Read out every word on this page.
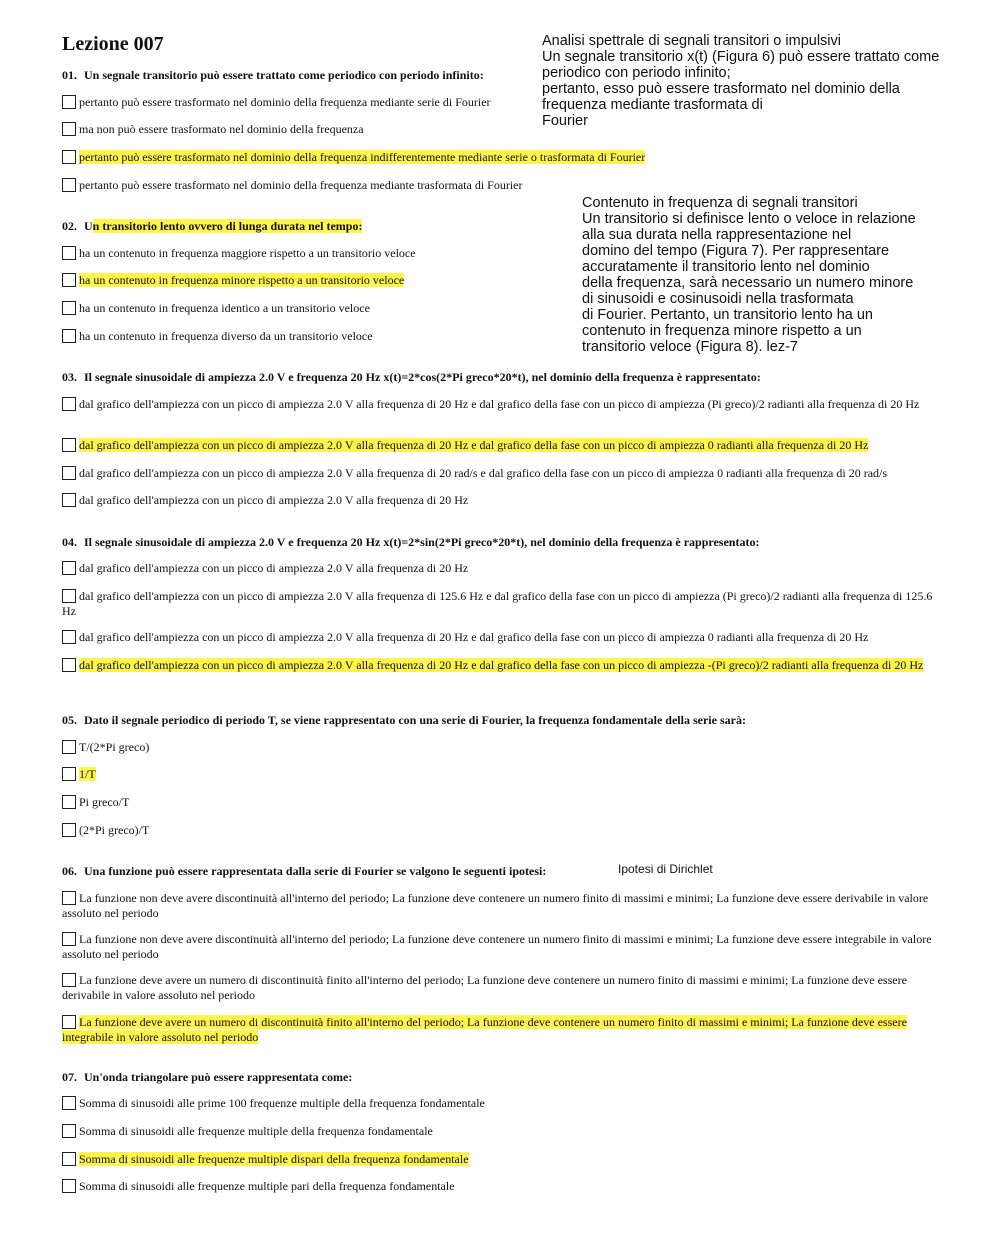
Lezione 007	Analisi spettrale di segnali transitori o impulsivi
Un segnale transitorio x(t) (Figura 6) può essere trattato come
periodico con periodo infinito;
pertanto, esso può essere trasformato nel dominio della
frequenza mediante trasformata di
Fourier
Contenuto in frequenza di segnali transitori
Un transitorio si definisce lento o veloce in relazione
alla sua durata nella rappresentazione nel
domino del tempo (Figura 7). Per rappresentare
accuratamente il transitorio lento nel dominio
della frequenza, sarà necessario un numero minore
di sinusoidi e cosinusoidi nella trasformata
di Fourier. Pertanto, un transitorio lento ha un
contenuto in frequenza minore rispetto a un
transitorio veloce (Figura 8). lez-7
Ipotesi di Dirichlet
01. Un segnale transitorio può essere trattato come periodico con periodo infinito:
pertanto può essere trasformato nel dominio della frequenza mediante serie di Fourier
ma non può essere trasformato nel dominio della frequenza
pertanto può essere trasformato nel dominio della frequenza indifferentemente mediante serie o trasformata di Fourier
pertanto può essere trasformato nel dominio della frequenza mediante trasformata di Fourier
02. Un transitorio lento ovvero di lunga durata nel tempo:
ha un contenuto in frequenza maggiore rispetto a un transitorio veloce
ha un contenuto in frequenza minore rispetto a un transitorio veloce
ha un contenuto in frequenza identico a un transitorio veloce
ha un contenuto in frequenza diverso da un transitorio veloce
03. Il segnale sinusoidale di ampiezza 2.0 V e frequenza 20 Hz x(t)=2*cos(2*Pi greco*20*t), nel dominio della frequenza è rappresentato:
dal grafico dell'ampiezza con un picco di ampiezza 2.0 V alla frequenza di 20 Hz e dal grafico della fase con un picco di ampiezza (Pi greco)/2 radianti alla frequenza di 20 Hz
dal grafico dell'ampiezza con un picco di ampiezza 2.0 V alla frequenza di 20 Hz e dal grafico della fase con un picco di ampiezza 0 radianti alla frequenza di 20 Hz
dal grafico dell'ampiezza con un picco di ampiezza 2.0 V alla frequenza di 20 rad/s e dal grafico della fase con un picco di ampiezza 0 radianti alla frequenza di 20 rad/s
dal grafico dell'ampiezza con un picco di ampiezza 2.0 V alla frequenza di 20 Hz
04. Il segnale sinusoidale di ampiezza 2.0 V e frequenza 20 Hz x(t)=2*sin(2*Pi greco*20*t), nel dominio della frequenza è rappresentato:
dal grafico dell'ampiezza con un picco di ampiezza 2.0 V alla frequenza di 20 Hz
dal grafico dell'ampiezza con un picco di ampiezza 2.0 V alla frequenza di 125.6 Hz e dal grafico della fase con un picco di ampiezza (Pi greco)/2 radianti alla frequenza di 125.6 Hz
dal grafico dell'ampiezza con un picco di ampiezza 2.0 V alla frequenza di 20 Hz e dal grafico della fase con un picco di ampiezza 0 radianti alla frequenza di 20 Hz
dal grafico dell'ampiezza con un picco di ampiezza 2.0 V alla frequenza di 20 Hz e dal grafico della fase con un picco di ampiezza -(Pi greco)/2 radianti alla frequenza di 20 Hz
05. Dato il segnale periodico di periodo T, se viene rappresentato con una serie di Fourier, la frequenza fondamentale della serie sarà:
T/(2*Pi greco)
1/T
Pi greco/T
(2*Pi greco)/T
06. Una funzione può essere rappresentata dalla serie di Fourier se valgono le seguenti ipotesi:
La funzione non deve avere discontinuità all'interno del periodo; La funzione deve contenere un numero finito di massimi e minimi; La funzione deve essere derivabile in valore assoluto nel periodo
La funzione non deve avere discontinuità all'interno del periodo; La funzione deve contenere un numero finito di massimi e minimi; La funzione deve essere integrabile in valore assoluto nel periodo
La funzione deve avere un numero di discontinuità finito all'interno del periodo; La funzione deve contenere un numero finito di massimi e minimi; La funzione deve essere derivabile in valore assoluto nel periodo
La funzione deve avere un numero di discontinuità finito all'interno del periodo; La funzione deve contenere un numero finito di massimi e minimi; La funzione deve essere integrabile in valore assoluto nel periodo
07. Un'onda triangolare può essere rappresentata come:
Somma di sinusoidi alle prime 100 frequenze multiple della frequenza fondamentale
Somma di sinusoidi alle frequenze multiple della frequenza fondamentale
Somma di sinusoidi alle frequenze multiple dispari della frequenza fondamentale
Somma di sinusoidi alle frequenze multiple pari della frequenza fondamentale
